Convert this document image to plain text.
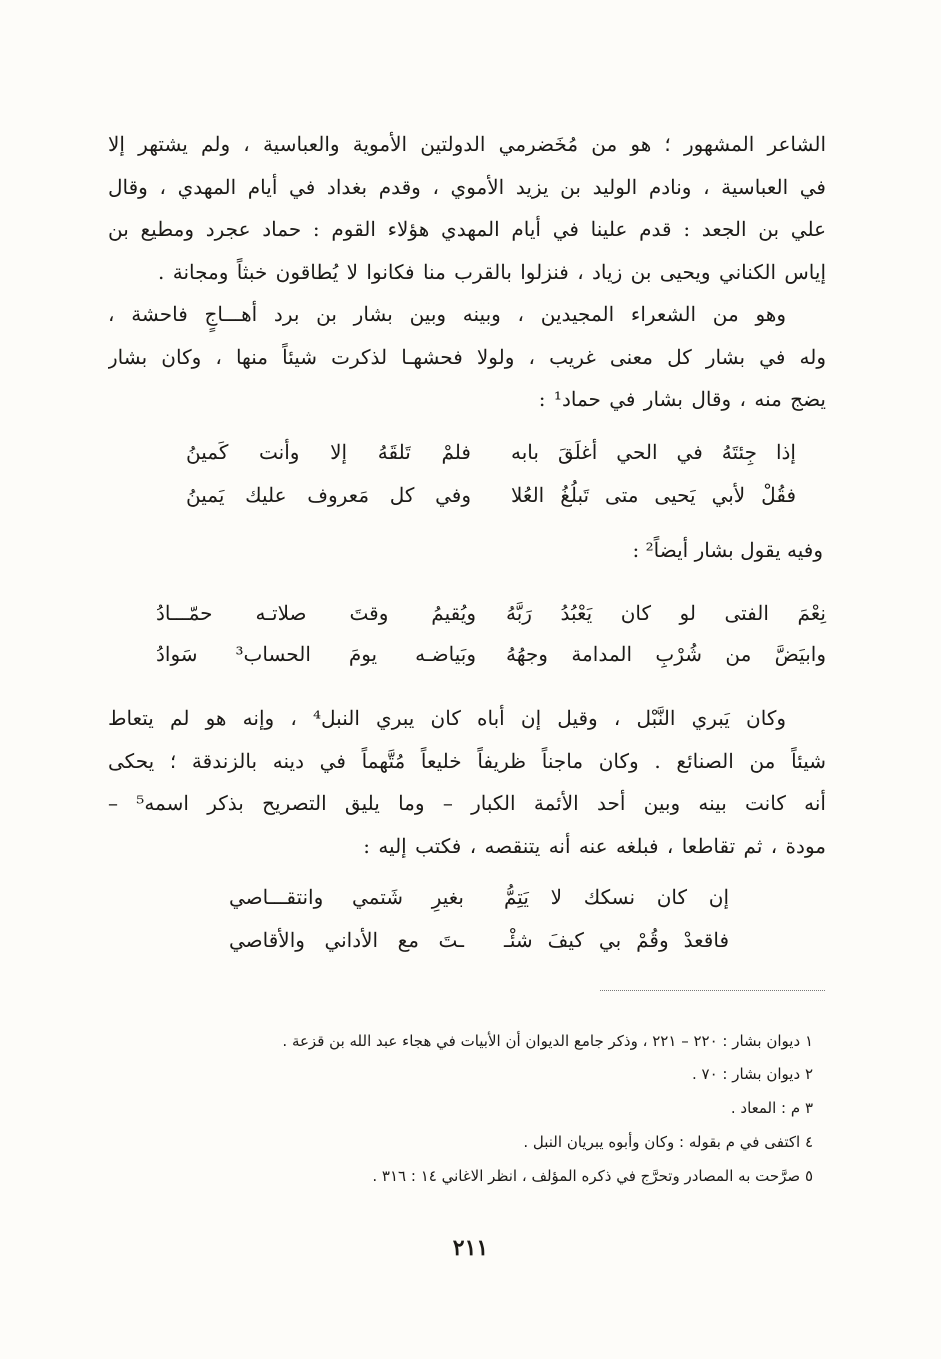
الشاعر المشهور ؛ هو من مُخَضرمي الدولتين الأموية والعباسية ، ولم يشتهر إلا
في العباسية ، ونادم الوليد بن يزيد الأموي ، وقدم بغداد في أيام المهدي ، وقال
علي بن الجعد : قدم علينا في أيام المهدي هؤلاء القوم : حماد عجرد ومطيع بن
إياس الكناني ويحيى بن زياد ، فنزلوا بالقرب منا فكانوا لا يُطاقون خبثاً ومجانة .
وهو من الشعراء المجيدين ، وبينه وبين بشار بن برد أهـــاجٍ فاحشة ،
وله في بشار كل معنى غريب ، ولولا فحشهـا لذكرت شيئاً منها ، وكان بشار
يضج منه ، وقال بشار في حماد¹ :
إذا جِئتَهُ في الحي أغلَقَ بابه
فلمْ تَلقَهُ إلا وأنت كَمينُ
فقُلْ لأبي يَحيى متى تَبلُغُ العُلا
وفي كل مَعروف عليك يَمينُ
وفيه يقول بشار أيضاً² :
نِعْمَ الفتى لو كان يَعْبُدُ رَبَّهُ
ويُقيمُ وقتَ صلاتـه حمّـــادُ
وابيَضَّ من شُرْبِ المدامة وجهُهُ
وبَياضـه يومَ الحساب³ سَوادُ
وكان يَبري النَّبْل ، وقيل إن أباه كان يبري النبل⁴ ، وإنه هو لم يتعاط
شيئاً من الصنائع . وكان ماجناً ظريفاً خليعاً مُتَّهماً في دينه بالزندقة ؛ يحكى
أنه كانت بينه وبين أحد الأئمة الكبار – وما يليق التصريح بذكر اسمه⁵ –
مودة ، ثم تقاطعا ، فبلغه عنه أنه يتنقصه ، فكتب إليه :
إن كان نسكك لا يَتِمُّ
بغيرِ شَتمي وانتقـــاصي
فاقعدْ وقُمْ بي كيفَ شئْـ
ـتَ مع الأداني والأقاصي
١ ديوان بشار : ٢٢٠ – ٢٢١ ، وذكر جامع الديوان أن الأبيات في هجاء عبد الله بن قزعة .
٢ ديوان بشار : ٧٠ .
٣ م : المعاد .
٤ اكتفى في م بقوله : وكان وأبوه يبريان النبل .
٥ صرَّحت به المصادر وتحرَّج في ذكره المؤلف ، انظر الاغاني ١٤ : ٣١٦ .
٢١١
